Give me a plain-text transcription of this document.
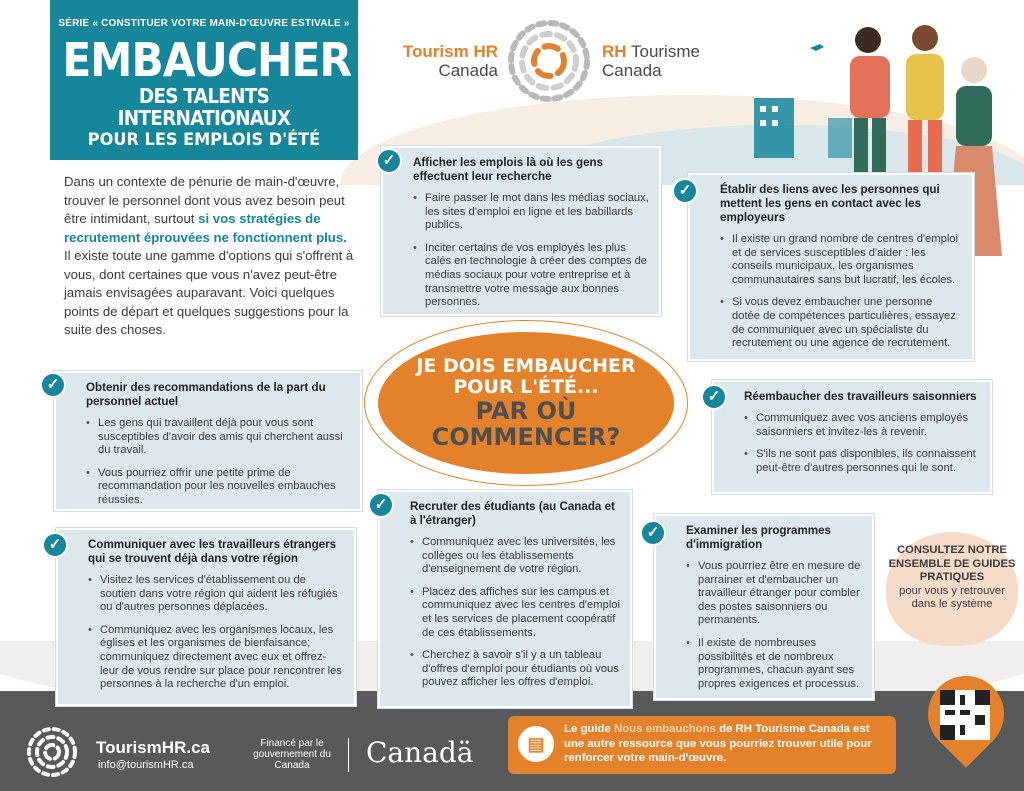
SÉRIE « CONSTITUER VOTRE MAIN-D'ŒUVRE ESTIVALE »
EMBAUCHER
DES TALENTS INTERNATIONAUX
POUR LES EMPLOIS D'ÉTÉ
Tourism HR
Canada
RH Tourisme
Canada
Dans un contexte de pénurie de main-d'œuvre, trouver le personnel dont vous avez besoin peut être intimidant, surtout si vos stratégies de recrutement éprouvées ne fonctionnent plus. Il existe toute une gamme d'options qui s'offrent à vous, dont certaines que vous n'avez peut-être jamais envisagées auparavant. Voici quelques points de départ et quelques suggestions pour la suite des choses.
JE DOIS EMBAUCHER
POUR L'ÉTÉ...
PAR OÙ
COMMENCER?
Afficher les emplois là où les gens effectuent leur recherche
• Faire passer le mot dans les médias sociaux, les sites d'emploi en ligne et les babillards publics.
• Inciter certains de vos employés les plus calés en technologie à créer des comptes de médias sociaux pour votre entreprise et à transmettre votre message aux bonnes personnes.
✓
Établir des liens avec les personnes qui mettent les gens en contact avec les employeurs
• Il existe un grand nombre de centres d'emploi et de services susceptibles d'aider : les conseils municipaux, les organismes communautaires sans but lucratif, les écoles.
• Si vous devez embaucher une personne dotée de compétences particulières, essayez de communiquer avec un spécialiste du recrutement ou une agence de recrutement.
✓
Obtenir des recommandations de la part du personnel actuel
• Les gens qui travaillent déjà pour vous sont susceptibles d'avoir des amis qui cherchent aussi du travail.
• Vous pourriez offrir une petite prime de recommandation pour les nouvelles embauches réussies.
✓
Réembaucher des travailleurs saisonniers
• Communiquez avec vos anciens employés saisonniers et invitez-les à revenir.
• S'ils ne sont pas disponibles, ils connaissent peut-être d'autres personnes qui le sont.
✓
Communiquer avec les travailleurs étrangers qui se trouvent déjà dans votre région
• Visitez les services d'établissement ou de soutien dans votre région qui aident les réfugiés ou d'autres personnes déplacées.
• Communiquez avec les organismes locaux, les églises et les organismes de bienfaisance; communiquez directement avec eux et offrez-leur de vous rendre sur place pour rencontrer les personnes à la recherche d'un emploi.
✓
Recruter des étudiants (au Canada et à l'étranger)
• Communiquez avec les universités, les collèges ou les établissements d'enseignement de votre région.
• Placez des affiches sur les campus et communiquez avec les centres d'emploi et les services de placement coopératif de ces établissements.
• Cherchez à savoir s'il y a un tableau d'offres d'emploi pour étudiants où vous pouvez afficher les offres d'emploi.
✓
Examiner les programmes d'immigration
• Vous pourriez être en mesure de parrainer et d'embaucher un travailleur étranger pour combler des postes saisonniers ou permanents.
• Il existe de nombreuses possibilités et de nombreux programmes, chacun ayant ses propres exigences et processus.
✓
CONSULTEZ NOTRE ENSEMBLE DE GUIDES PRATIQUES
pour vous y retrouver dans le système
▤
Le guide Nous embauchons de RH Tourisme Canada est une autre ressource que vous pourriez trouver utile pour renforcer votre main-d'œuvre.
TourismHR.ca
info@tourismHR.ca
Financé par le gouvernement du Canada	Canadä
